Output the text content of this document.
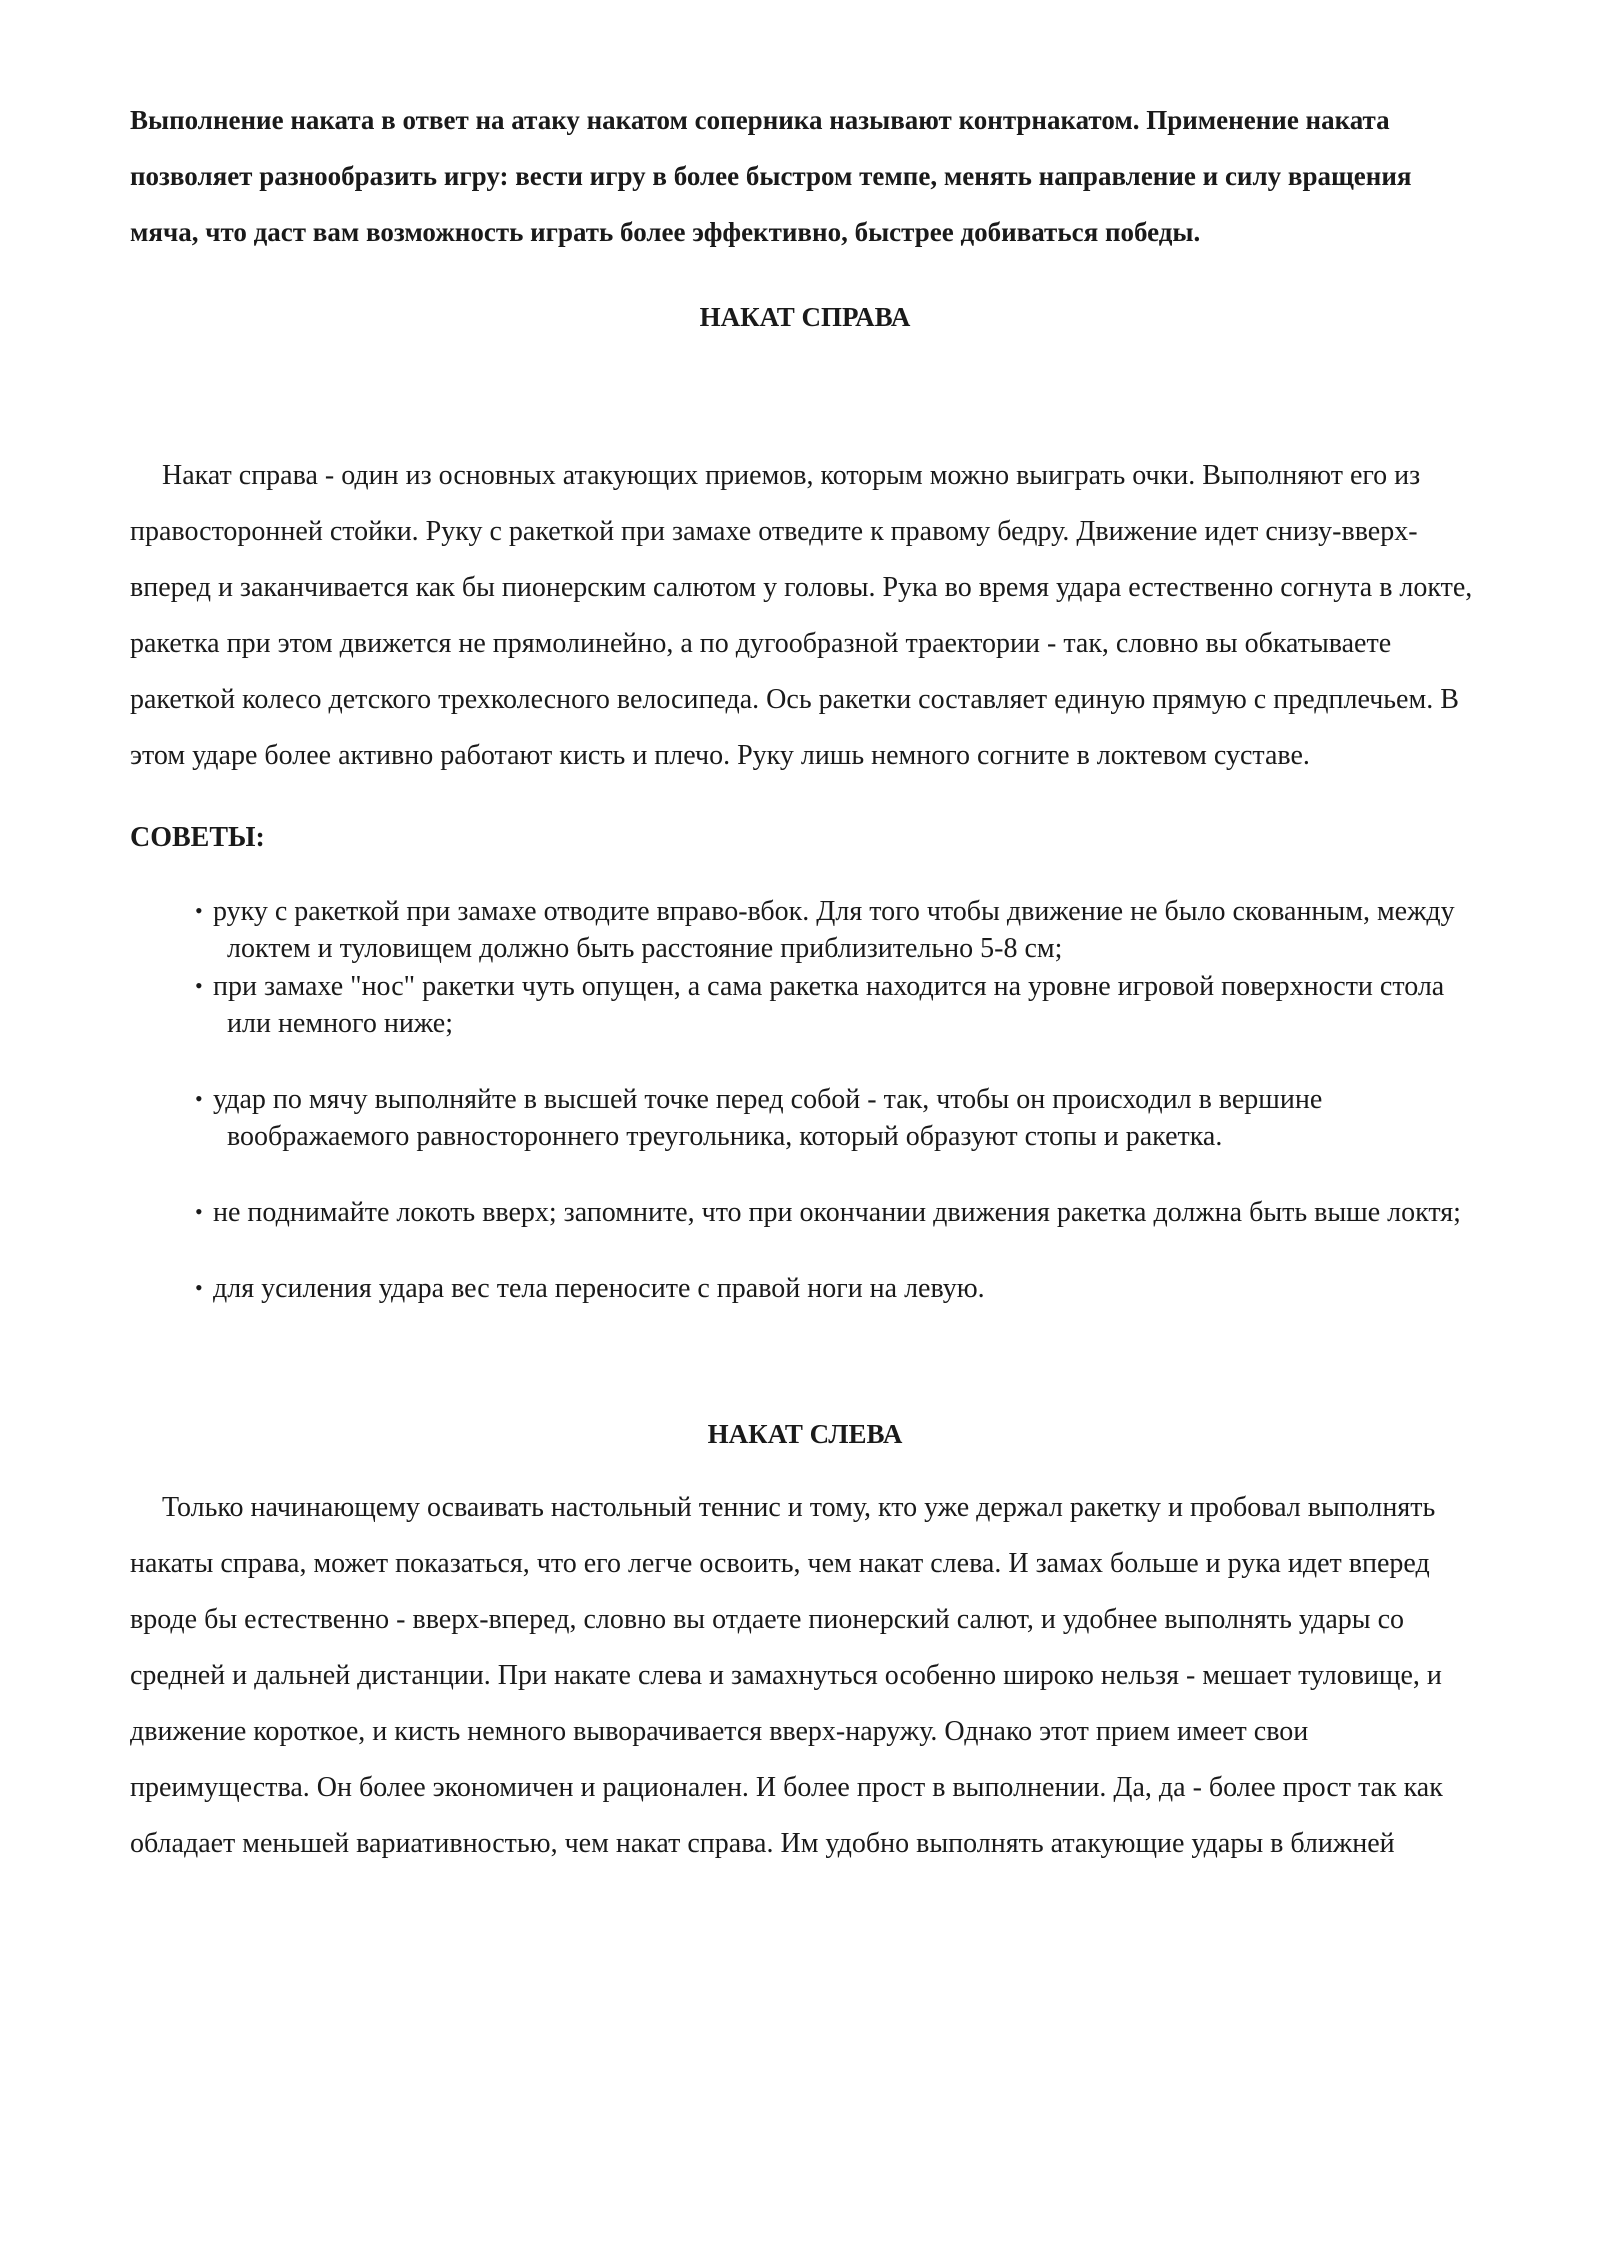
Выполнение наката в ответ на атаку накатом соперника называют контрнакатом. Применение наката позволяет разнообразить игру: вести игру в более быстром темпе, менять направление и силу вращения мяча, что даст вам возможность играть более эффективно, быстрее добиваться победы.

НАКАТ СПРАВА

Накат справа - один из основных атакующих приемов, которым можно выиграть очки. Выполняют его из правосторонней стойки. Руку с ракеткой при замахе отведите к правому бедру. Движение идет снизу-вверх-вперед и заканчивается как бы пионерским салютом у головы. Рука во время удара естественно согнута в локте, ракетка при этом движется не прямолинейно, а по дугообразной траектории - так, словно вы обкатываете ракеткой колесо детского трехколесного велосипеда. Ось ракетки составляет единую прямую с предплечьем. В этом ударе более активно работают кисть и плечо. Руку лишь немного согните в локтевом суставе.

СОВЕТЫ:
• руку с ракеткой при замахе отводите вправо-вбок. Для того чтобы движение не было скованным, между локтем и туловищем должно быть расстояние приблизительно 5-8 см;
• при замахе "нос" ракетки чуть опущен, а сама ракетка находится на уровне игровой поверхности стола или немного ниже;
• удар по мячу выполняйте в высшей точке перед собой - так, чтобы он происходил в вершине воображаемого равностороннего треугольника, который образуют стопы и ракетка.
• не поднимайте локоть вверх; запомните, что при окончании движения ракетка должна быть выше локтя;
• для усиления удара вес тела переносите с правой ноги на левую.
НАКАТ СЛЕВА

Только начинающему осваивать настольный теннис и тому, кто уже держал ракетку и пробовал выполнять накаты справа, может показаться, что его легче освоить, чем накат слева. И замах больше и рука идет вперед вроде бы естественно - вверх-вперед, словно вы отдаете пионерский салют, и удобнее выполнять удары со средней и дальней дистанции. При накате слева и замахнуться особенно широко нельзя - мешает туловище, и движение короткое, и кисть немного выворачивается вверх-наружу. Однако этот прием имеет свои преимущества. Он более экономичен и рационален. И более прост в выполнении. Да, да - более прост так как обладает меньшей вариативностью, чем накат справа. Им удобно выполнять атакующие удары в ближней
